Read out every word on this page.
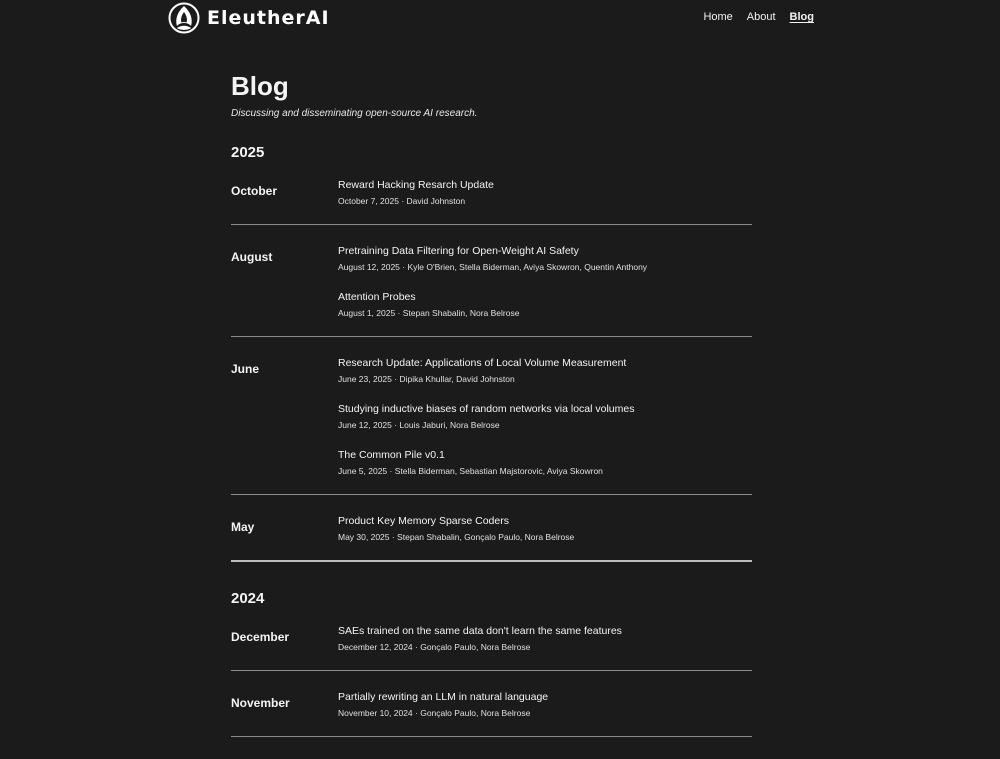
EleutherAI	Home About Blog
Blog

Discussing and disseminating open-source AI research.

2025
October	Reward Hacking Resarch Update
October 7, 2025 · David Johnston
August	Pretraining Data Filtering for Open-Weight AI Safety
August 12, 2025 · Kyle O'Brien, Stella Biderman, Aviya Skowron, Quentin Anthony
Attention Probes
August 1, 2025 · Stepan Shabalin, Nora Belrose
June	Research Update: Applications of Local Volume Measurement
June 23, 2025 · Dipika Khullar, David Johnston
Studying inductive biases of random networks via local volumes
June 12, 2025 · Louis Jaburi, Nora Belrose
The Common Pile v0.1
June 5, 2025 · Stella Biderman, Sebastian Majstorovic, Aviya Skowron
May	Product Key Memory Sparse Coders
May 30, 2025 · Stepan Shabalin, Gonçalo Paulo, Nora Belrose
2024
December	SAEs trained on the same data don't learn the same features
December 12, 2024 · Gonçalo Paulo, Nora Belrose
November	Partially rewriting an LLM in natural language
November 10, 2024 · Gonçalo Paulo, Nora Belrose
